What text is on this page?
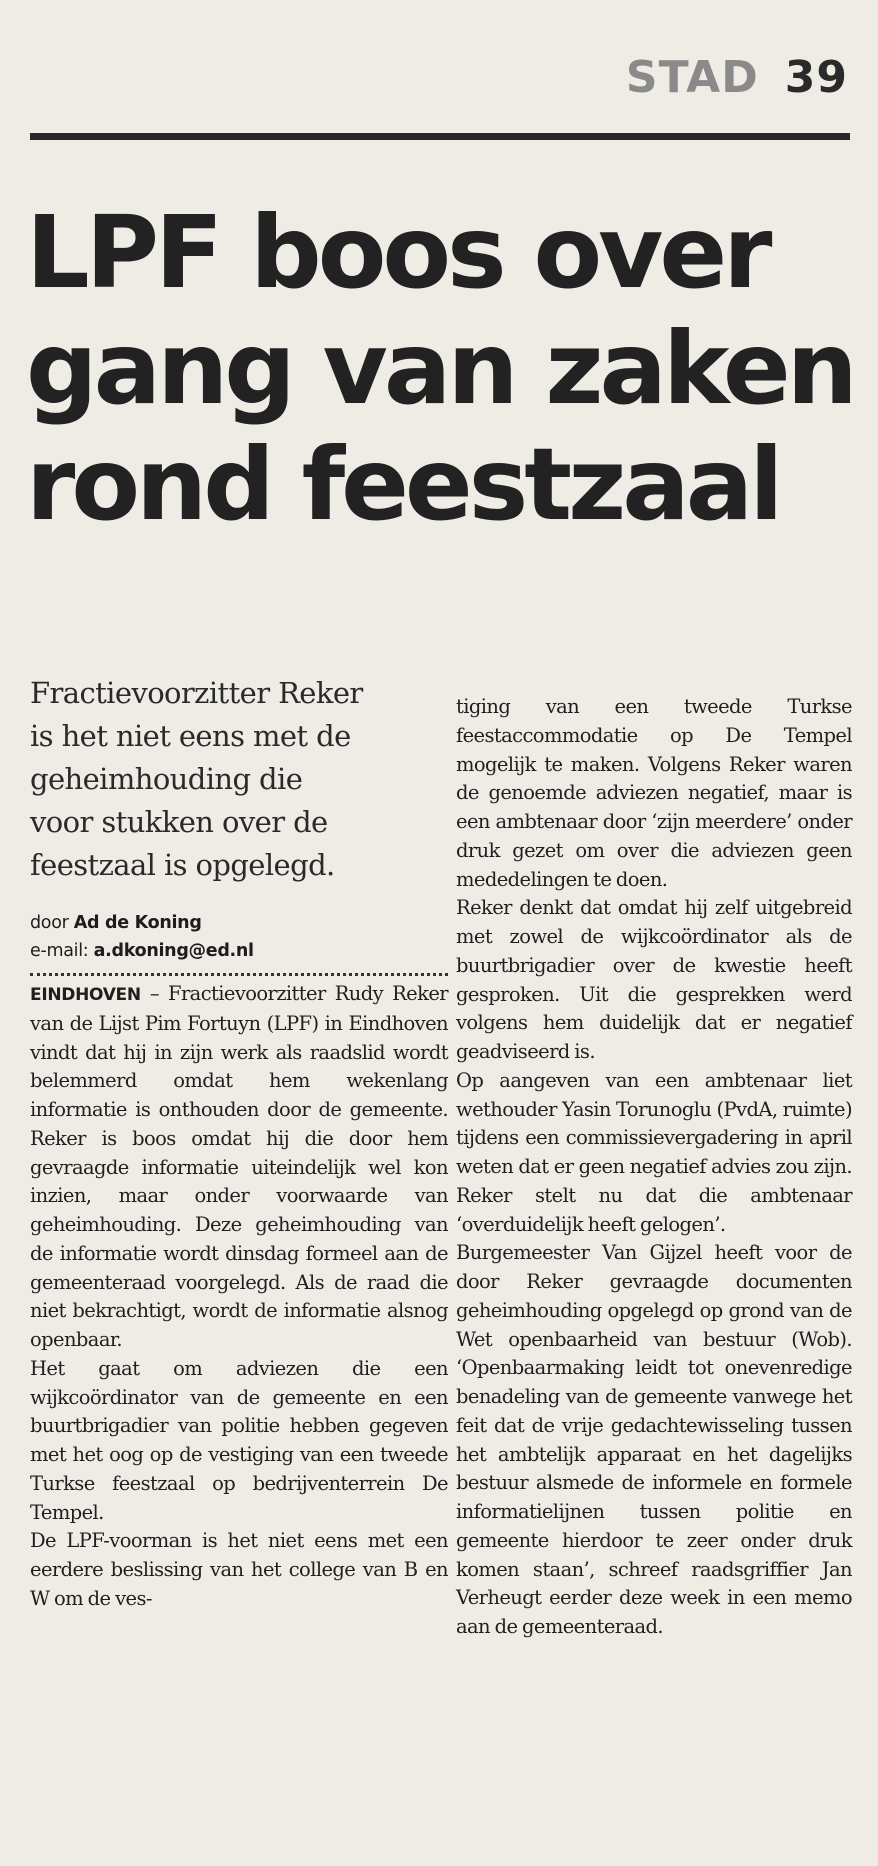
STAD 39
LPF boos over
gang van zaken
rond feestzaal
Fractievoorzitter Reker
is het niet eens met de
geheimhouding die
voor stukken over de
feestzaal is opgelegd.
door Ad de Koning
e-mail: a.dkoning@ed.nl

EINDHOVEN – Fractievoorzitter Rudy Reker van de Lijst Pim Fortuyn (LPF) in Eindhoven vindt dat hij in zijn werk als raadslid wordt belemmerd omdat hem wekenlang informatie is onthouden door de gemeente. Reker is boos omdat hij die door hem gevraagde informatie uiteindelijk wel kon inzien, maar onder voorwaarde van geheimhouding. Deze geheimhouding van de informatie wordt dinsdag formeel aan de gemeenteraad voorgelegd. Als de raad die niet bekrachtigt, wordt de informatie alsnog openbaar.

Het gaat om adviezen die een wijkcoördinator van de gemeente en een buurtbrigadier van politie hebben gegeven met het oog op de vestiging van een tweede Turkse feestzaal op bedrijventerrein De Tempel.

De LPF-voorman is het niet eens met een eerdere beslissing van het college van B en W om de ves-

tiging van een tweede Turkse feestaccommodatie op De Tempel mogelijk te maken. Volgens Reker waren de genoemde adviezen negatief, maar is een ambtenaar door ‘zijn meerdere’ onder druk gezet om over die adviezen geen mededelingen te doen.

Reker denkt dat omdat hij zelf uitgebreid met zowel de wijkcoördinator als de buurtbrigadier over de kwestie heeft gesproken. Uit die gesprekken werd volgens hem duidelijk dat er negatief geadviseerd is.

Op aangeven van een ambtenaar liet wethouder Yasin Torunoglu (PvdA, ruimte) tijdens een commissievergadering in april weten dat er geen negatief advies zou zijn. Reker stelt nu dat die ambtenaar ‘overduidelijk heeft gelogen’.

Burgemeester Van Gijzel heeft voor de door Reker gevraagde documenten geheimhouding opgelegd op grond van de Wet openbaarheid van bestuur (Wob). ‘Openbaarmaking leidt tot onevenredige benadeling van de gemeente vanwege het feit dat de vrije gedachtewisseling tussen het ambtelijk apparaat en het dagelijks bestuur alsmede de informele en formele informatielijnen tussen politie en gemeente hierdoor te zeer onder druk komen staan’, schreef raadsgriffier Jan Verheugt eerder deze week in een memo aan de gemeenteraad.
